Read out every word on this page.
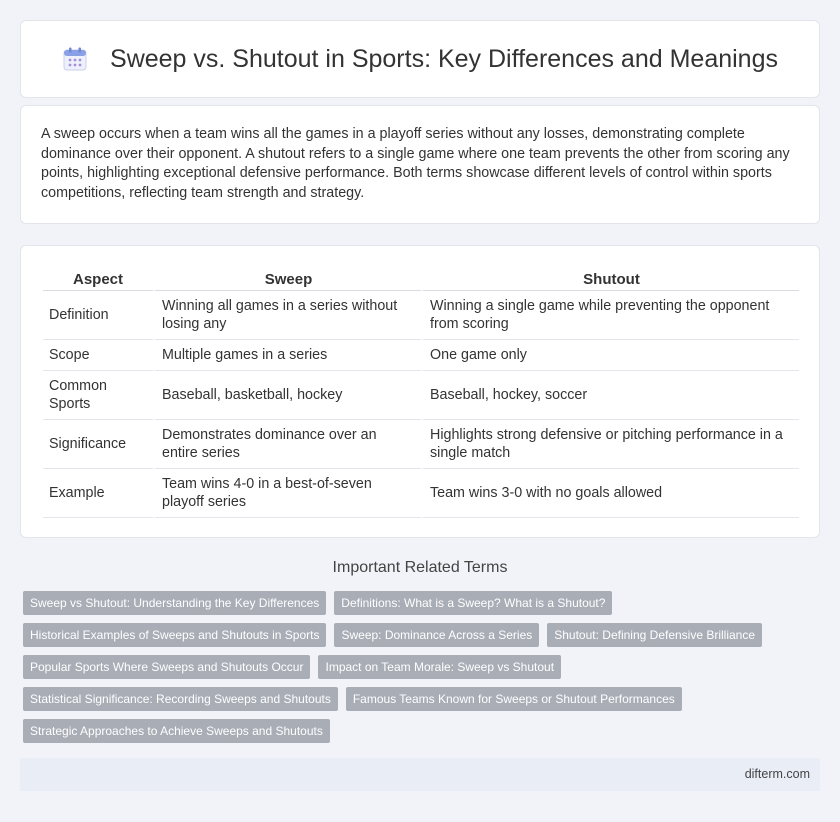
Sweep vs. Shutout in Sports: Key Differences and Meanings

A sweep occurs when a team wins all the games in a playoff series without any losses, demonstrating complete dominance over their opponent. A shutout refers to a single game where one team prevents the other from scoring any points, highlighting exceptional defensive performance. Both terms showcase different levels of control within sports competitions, reflecting team strength and strategy.

Aspect	Sweep	Shutout
Definition	Winning all games in a series without losing any	Winning a single game while preventing the opponent from scoring
Scope	Multiple games in a series	One game only
Common Sports	Baseball, basketball, hockey	Baseball, hockey, soccer
Significance	Demonstrates dominance over an entire series	Highlights strong defensive or pitching performance in a single match
Example	Team wins 4-0 in a best-of-seven playoff series	Team wins 3-0 with no goals allowed
Important Related Terms
Sweep vs Shutout: Understanding the Key Differences	Definitions: What is a Sweep? What is a Shutout?
Historical Examples of Sweeps and Shutouts in Sports	Sweep: Dominance Across a Series	Shutout: Defining Defensive Brilliance
Popular Sports Where Sweeps and Shutouts Occur	Impact on Team Morale: Sweep vs Shutout
Statistical Significance: Recording Sweeps and Shutouts	Famous Teams Known for Sweeps or Shutout Performances
Strategic Approaches to Achieve Sweeps and Shutouts
difterm.com
